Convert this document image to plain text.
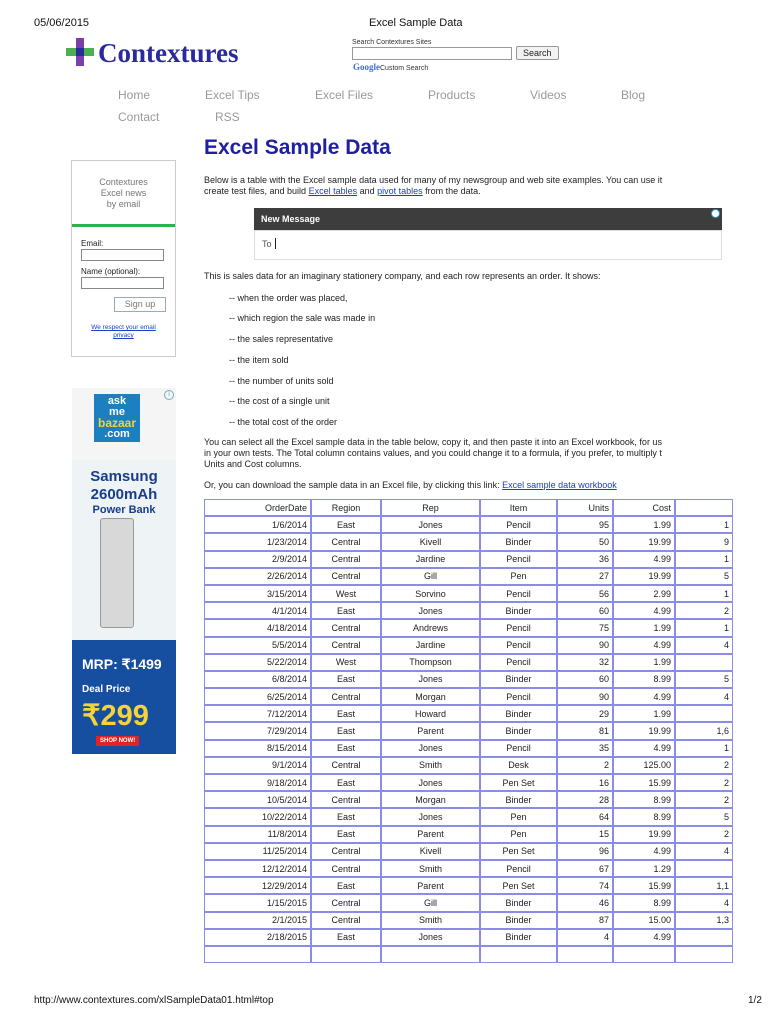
05/06/2015	Excel Sample Data
Contextures	Search Contextures Sites
Search
GoogleCustom Search
Home	Excel Tips	Excel Files	Products	Videos	Blog
Contact	RSS
Contextures
Excel news
by email
Email:
Name (optional):
Sign up
We respect your email
privacy
ask
me
bazaar
.com
i
Samsung
2600mAh
Power Bank
MRP: ₹1499
Deal Price
₹299
SHOP NOW!
Excel Sample Data
Below is a table with the Excel sample data used for many of my newsgroup and web site examples. You can use it
create test files, and build Excel tables and pivot tables from the data.
New Message
To
This is sales data for an imaginary stationery company, and each row represents an order. It shows:
-- when the order was placed,
-- which region the sale was made in
-- the sales representative
-- the item sold
-- the number of units sold
-- the cost of a single unit
-- the total cost of the order
You can select all the Excel sample data in the table below, copy it, and then paste it into an Excel workbook, for us
in your own tests. The Total column contains values, and you could change it to a formula, if you prefer, to multiply t
Units and Cost columns.
Or, you can download the sample data in an Excel file, by clicking this link: Excel sample data workbook
OrderDate	Region	Rep	Item	Units	Cost	
1/6/2014	East	Jones	Pencil	95	1.99	1
1/23/2014	Central	Kivell	Binder	50	19.99	9
2/9/2014	Central	Jardine	Pencil	36	4.99	1
2/26/2014	Central	Gill	Pen	27	19.99	5
3/15/2014	West	Sorvino	Pencil	56	2.99	1
4/1/2014	East	Jones	Binder	60	4.99	2
4/18/2014	Central	Andrews	Pencil	75	1.99	1
5/5/2014	Central	Jardine	Pencil	90	4.99	4
5/22/2014	West	Thompson	Pencil	32	1.99	
6/8/2014	East	Jones	Binder	60	8.99	5
6/25/2014	Central	Morgan	Pencil	90	4.99	4
7/12/2014	East	Howard	Binder	29	1.99	
7/29/2014	East	Parent	Binder	81	19.99	1,6
8/15/2014	East	Jones	Pencil	35	4.99	1
9/1/2014	Central	Smith	Desk	2	125.00	2
9/18/2014	East	Jones	Pen Set	16	15.99	2
10/5/2014	Central	Morgan	Binder	28	8.99	2
10/22/2014	East	Jones	Pen	64	8.99	5
11/8/2014	East	Parent	Pen	15	19.99	2
11/25/2014	Central	Kivell	Pen Set	96	4.99	4
12/12/2014	Central	Smith	Pencil	67	1.29	
12/29/2014	East	Parent	Pen Set	74	15.99	1,1
1/15/2015	Central	Gill	Binder	46	8.99	4
2/1/2015	Central	Smith	Binder	87	15.00	1,3
2/18/2015	East	Jones	Binder	4	4.99	

http://www.contextures.com/xlSampleData01.html#top	1/2
